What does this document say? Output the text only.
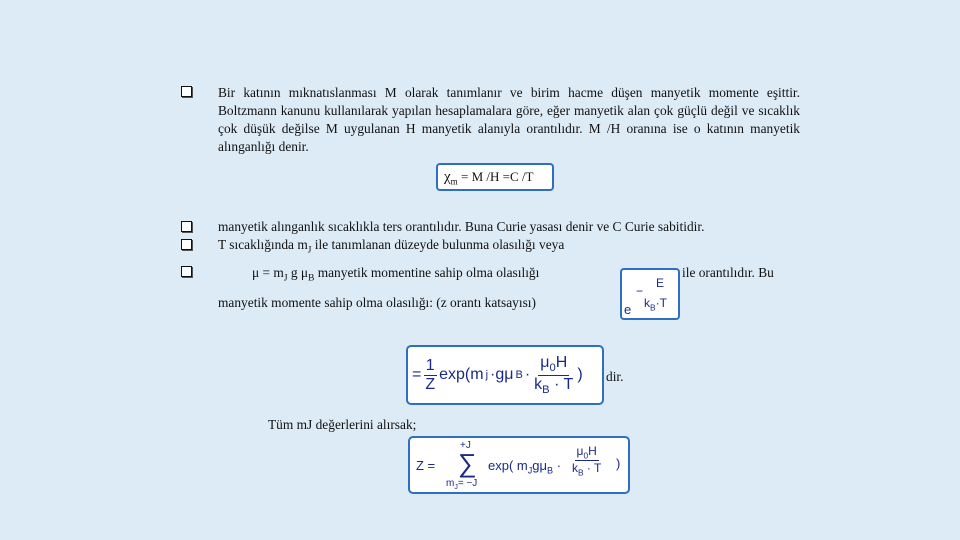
Bir katının mıknatıslanması M olarak tanımlanır ve birim hacme düşen manyetik momente eşittir. Boltzmann kanunu kullanılarak yapılan hesaplamalara göre, eğer manyetik alan çok güçlü değil ve sıcaklık çok düşük değilse M uygulanan H manyetik alanıyla orantılıdır. M /H oranına ise o katının manyetik alınganlığı denir.
$\chi_m = M$ /H =C /T
manyetik alınganlık sıcaklıkla ters orantılıdır. Buna Curie yasası denir ve C Curie sabitidir.
T sıcaklığında $m_J$ ile tanımlanan düzeyde bulunma olasılığı veya
$\mu = m_J$ g $\mu_B$ manyetik momentine sahip olma olasılığı	ile orantılıdır. Bu
e
−
E
$k_B\cdot T$
manyetik momente sahip olma olasılığı: (z orantı katsayısı)
= $\frac{1}{Z} \exp(m$ j ·gμ $B \cdot \frac{\mu_0H}{k_B \cdot T}$ ) dir.
Tüm mJ değerlerini alırsak;
Z =
+J
∑
$m_J= -J$
exp( $m_Jg\mu_B \cdot \frac{\mu_0H}{k_B \cdot T}$ )
